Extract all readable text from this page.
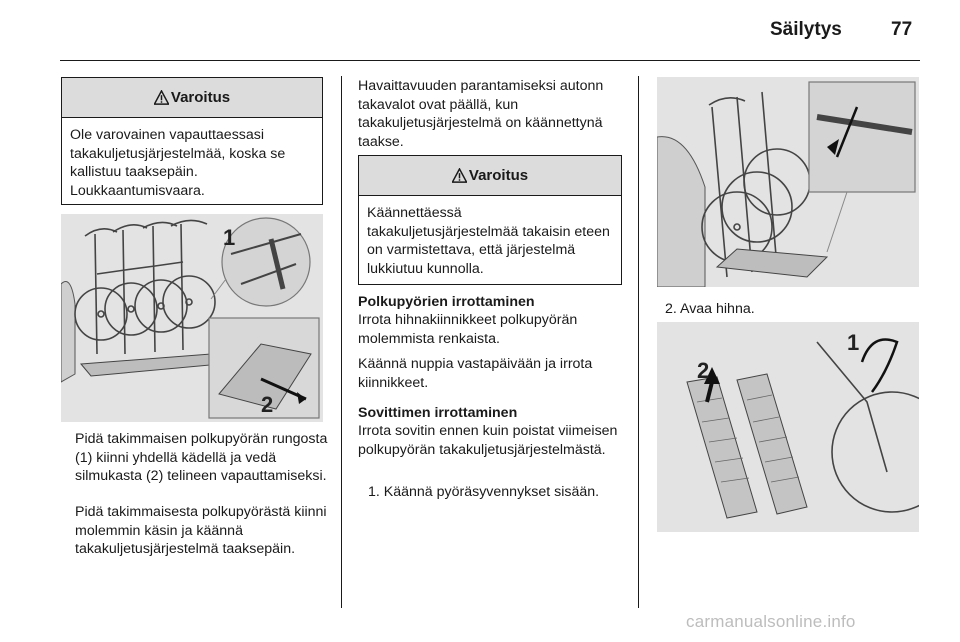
Säilytys	77
Varoitus
Ole varovainen vapauttaessasi takakuljetusjärjestelmää, koska se kallistuu taaksepäin. Loukkaantumisvaara.
1
2
Pidä takimmaisen polkupyörän rungosta (1) kiinni yhdellä kädellä ja vedä silmukasta (2) telineen vapauttamiseksi.
Pidä takimmaisesta polkupyörästä kiinni molemmin käsin ja käännä takakuljetusjärjestelmä taaksepäin.
Havaittavuuden parantamiseksi autonn takavalot ovat päällä, kun takakuljetusjärjestelmä on käännettynä taakse.
Varoitus
Käännettäessä takakuljetusjärjestelmää takaisin eteen on varmistettava, että järjestelmä lukkiutuu kunnolla.
Polkupyörien irrottaminen
Irrota hihnakiinnikkeet polkupyörän molemmista renkaista.
Käännä nuppia vastapäivään ja irrota kiinnikkeet.
Sovittimen irrottaminen
Irrota sovitin ennen kuin poistat viimeisen polkupyörän takakuljetusjärjestelmästä.
1. Käännä pyöräsyvennykset sisään.
2. Avaa hihna.
2
1
carmanualsonline.info
